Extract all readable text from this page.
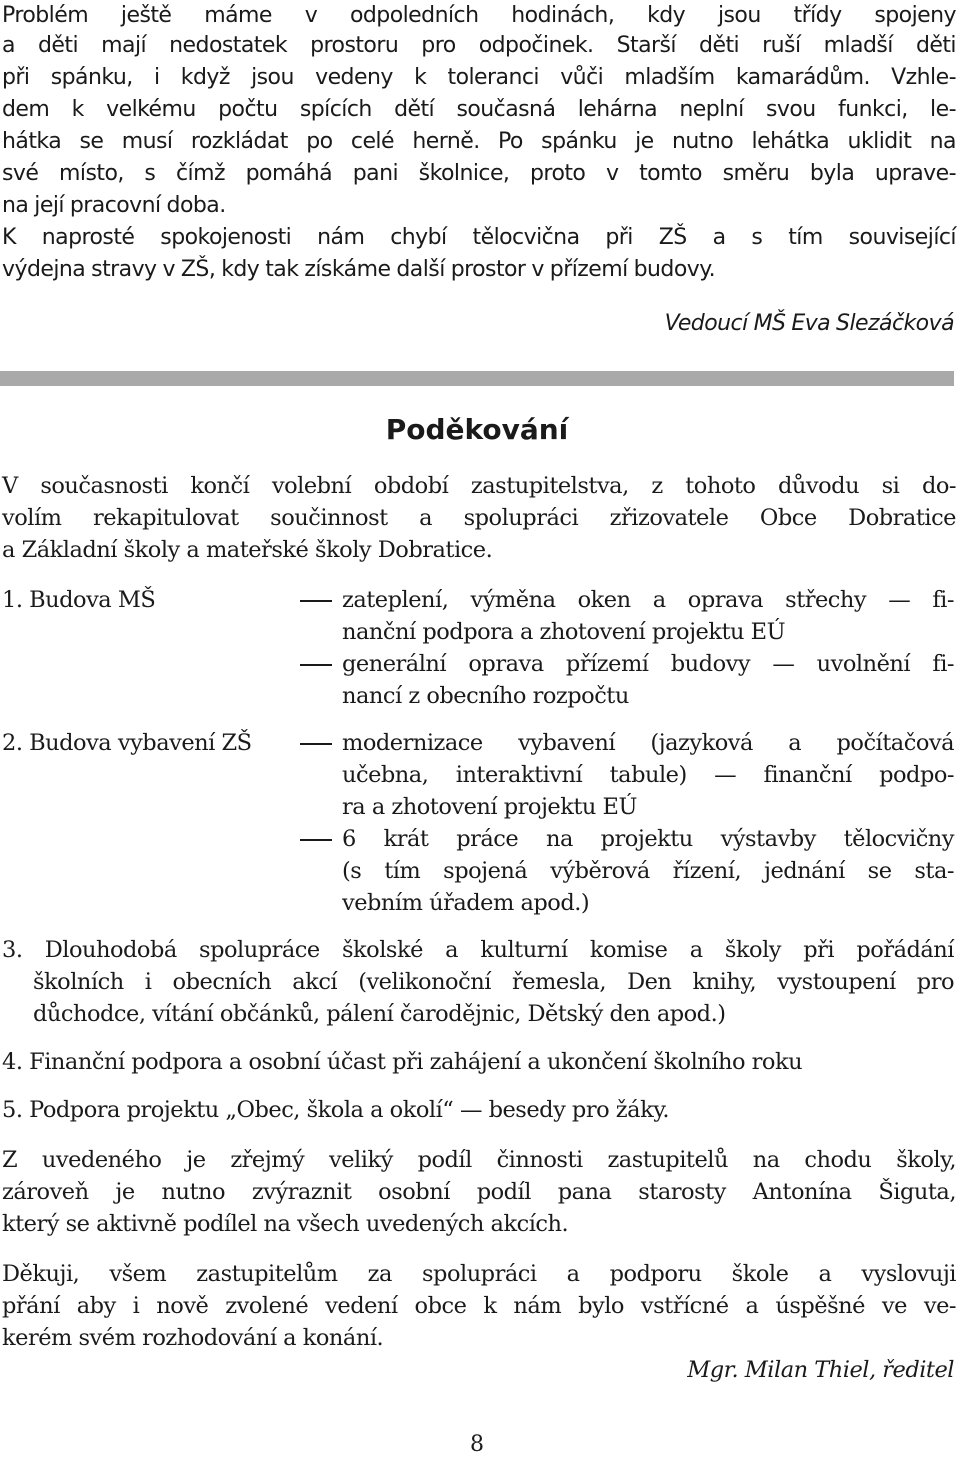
Problém ještě máme v odpoledních hodinách, kdy jsou třídy spojeny
a děti mají nedostatek prostoru pro odpočinek. Starší děti ruší mladší děti
při spánku, i když jsou vedeny k toleranci vůči mladším kamarádům. Vzhle-
dem k velkému počtu spících dětí současná lehárna neplní svou funkci, le-
hátka se musí rozkládat po celé herně. Po spánku je nutno lehátka uklidit na
své místo, s čímž pomáhá pani školnice, proto v tomto směru byla uprave-
na její pracovní doba.
K naprosté spokojenosti nám chybí tělocvična při ZŠ a s tím související
výdejna stravy v ZŠ, kdy tak získáme další prostor v přízemí budovy.
Vedoucí MŠ Eva Slezáčková
Poděkování
V současnosti končí volební období zastupitelstva, z tohoto důvodu si do-
volím rekapitulovat součinnost a spolupráci zřizovatele Obce Dobratice
a Základní školy a mateřské školy Dobratice.
1. Budova MŠ	zateplení, výměna oken a oprava střechy — fi-
nanční podpora a zhotovení projektu EÚ
generální oprava přízemí budovy — uvolnění fi-
nancí z obecního rozpočtu
2. Budova vybavení ZŠ	modernizace vybavení (jazyková a počítačová
učebna, interaktivní tabule) — finanční podpo-
ra a zhotovení projektu EÚ
6 krát práce na projektu výstavby tělocvičny
(s tím spojená výběrová řízení, jednání se sta-
vebním úřadem apod.)
3. Dlouhodobá spolupráce školské a kulturní komise a školy při pořádání
školních i obecních akcí (velikonoční řemesla, Den knihy, vystoupení pro
důchodce, vítání občánků, pálení čarodějnic, Dětský den apod.)
4. Finanční podpora a osobní účast při zahájení a ukončení školního roku
5. Podpora projektu „Obec, škola a okolí“ — besedy pro žáky.
Z uvedeného je zřejmý veliký podíl činnosti zastupitelů na chodu školy,
zároveň je nutno zvýraznit osobní podíl pana starosty Antonína Šiguta,
který se aktivně podílel na všech uvedených akcích.
Děkuji, všem zastupitelům za spolupráci a podporu škole a vyslovuji
přání aby i nově zvolené vedení obce k nám bylo vstřícné a úspěšné ve ve-
kerém svém rozhodování a konání.
Mgr. Milan Thiel, ředitel
8
